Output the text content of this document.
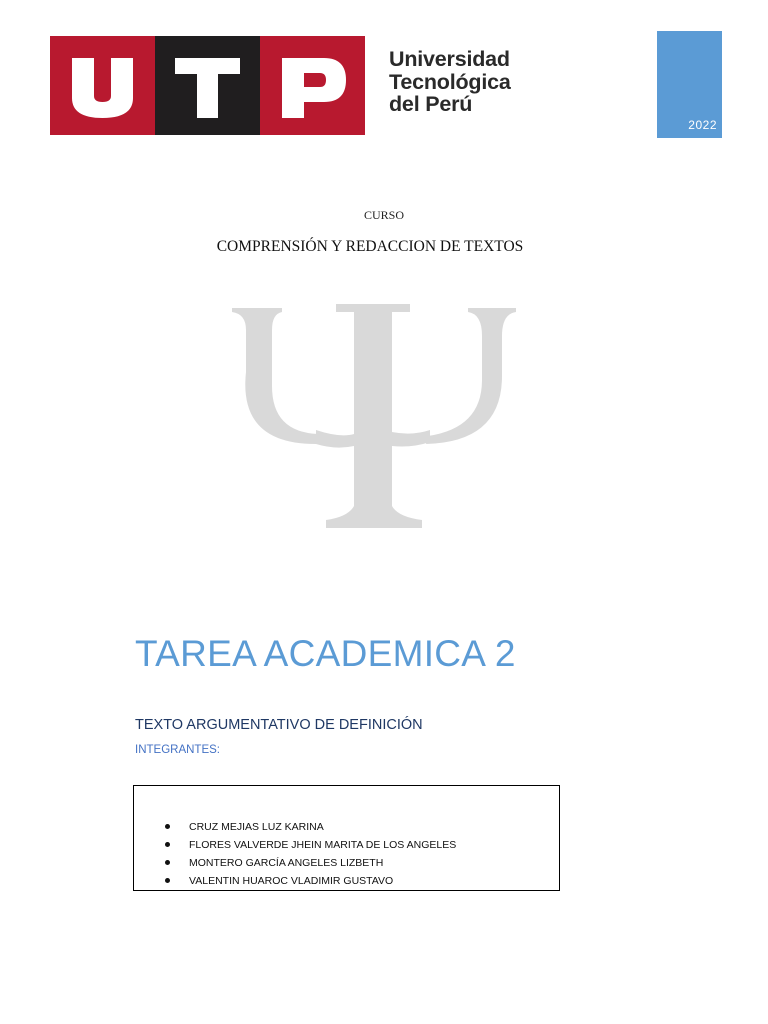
Universidad
Tecnológica
del Perú
2022
CURSO
COMPRENSIÓN Y REDACCION DE TEXTOS
TAREA ACADEMICA 2
TEXTO ARGUMENTATIVO DE DEFINICIÓN
INTEGRANTES:
CRUZ MEJIAS LUZ KARINA
FLORES VALVERDE JHEIN MARITA DE LOS ANGELES
MONTERO GARCÍA ANGELES LIZBETH
VALENTIN HUAROC VLADIMIR GUSTAVO
